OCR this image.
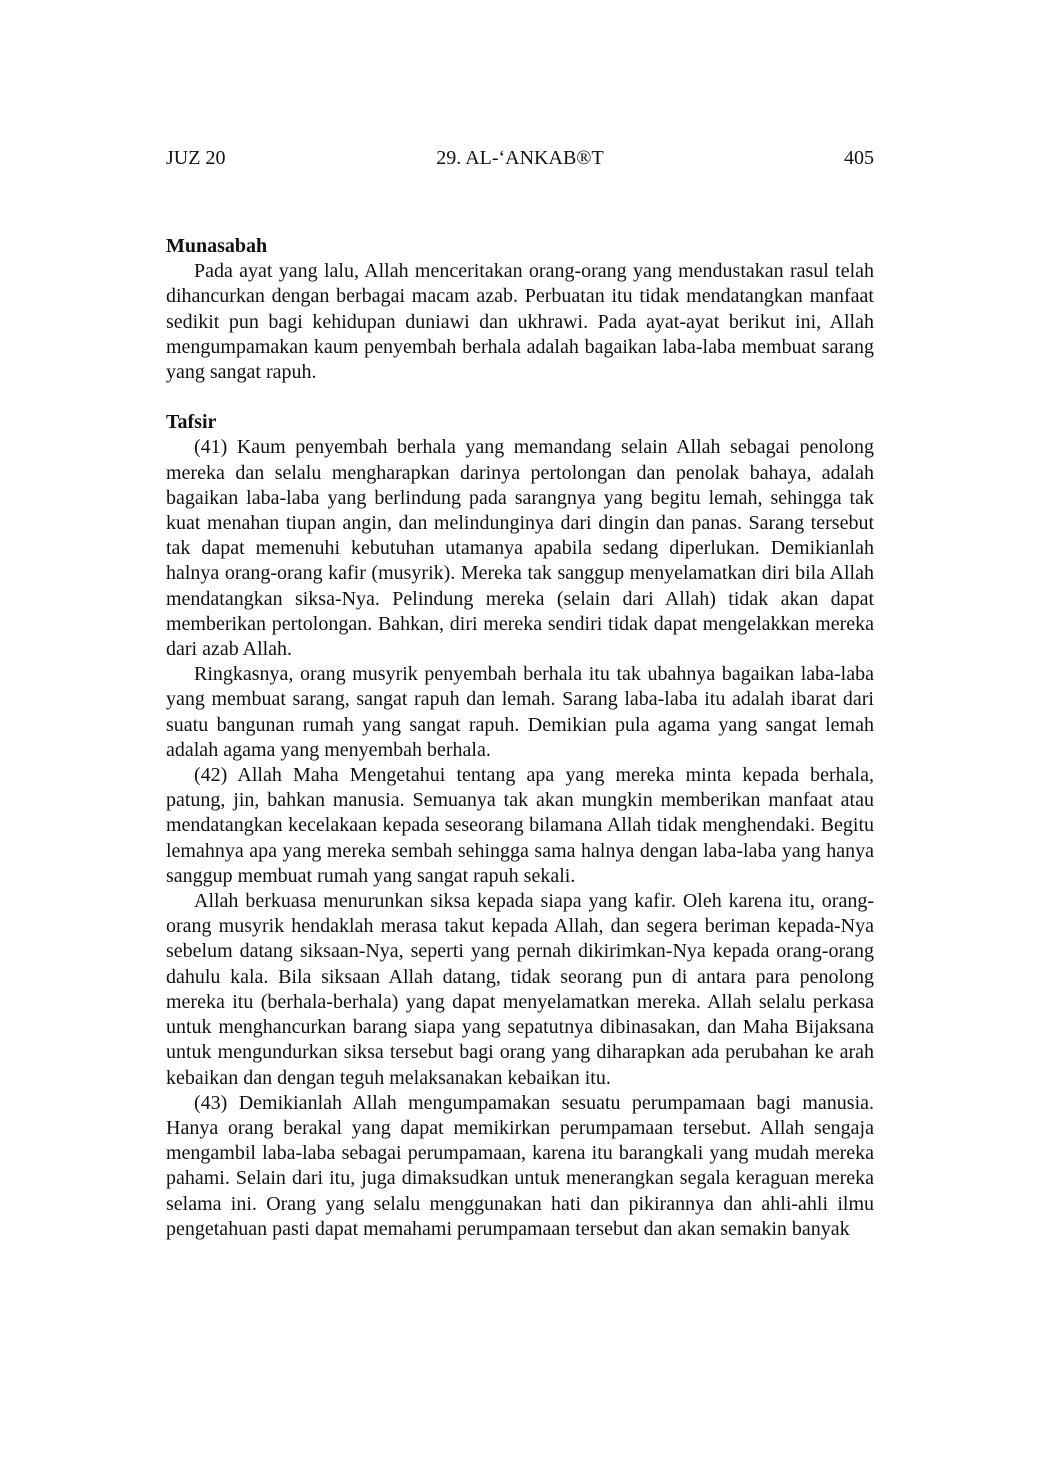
JUZ 20	29. AL-‘ANKAB®T	405
Munasabah

Pada ayat yang lalu, Allah menceritakan orang-orang yang mendustakan rasul telah dihancurkan dengan berbagai macam azab. Perbuatan itu tidak mendatangkan manfaat sedikit pun bagi kehidupan duniawi dan ukhrawi. Pada ayat-ayat berikut ini, Allah mengumpamakan kaum penyembah berhala adalah bagaikan laba-laba membuat sarang yang sangat rapuh.

Tafsir

(41) Kaum penyembah berhala yang memandang selain Allah sebagai penolong mereka dan selalu mengharapkan darinya pertolongan dan penolak bahaya, adalah bagaikan laba-laba yang berlindung pada sarangnya yang begitu lemah, sehingga tak kuat menahan tiupan angin, dan melindunginya dari dingin dan panas. Sarang tersebut tak dapat memenuhi kebutuhan utamanya apabila sedang diperlukan. Demikianlah halnya orang-orang kafir (musyrik). Mereka tak sanggup menyelamatkan diri bila Allah mendatangkan siksa-Nya. Pelindung mereka (selain dari Allah) tidak akan dapat memberikan pertolongan. Bahkan, diri mereka sendiri tidak dapat mengelakkan mereka dari azab Allah.

Ringkasnya, orang musyrik penyembah berhala itu tak ubahnya bagaikan laba-laba yang membuat sarang, sangat rapuh dan lemah. Sarang laba-laba itu adalah ibarat dari suatu bangunan rumah yang sangat rapuh. Demikian pula agama yang sangat lemah adalah agama yang menyembah berhala.

(42) Allah Maha Mengetahui tentang apa yang mereka minta kepada berhala, patung, jin, bahkan manusia. Semuanya tak akan mungkin memberikan manfaat atau mendatangkan kecelakaan kepada seseorang bilamana Allah tidak menghendaki. Begitu lemahnya apa yang mereka sembah sehingga sama halnya dengan laba-laba yang hanya sanggup membuat rumah yang sangat rapuh sekali.

Allah berkuasa menurunkan siksa kepada siapa yang kafir. Oleh karena itu, orang-orang musyrik hendaklah merasa takut kepada Allah, dan segera beriman kepada-Nya sebelum datang siksaan-Nya, seperti yang pernah dikirimkan-Nya kepada orang-orang dahulu kala. Bila siksaan Allah datang, tidak seorang pun di antara para penolong mereka itu (berhala-berhala) yang dapat menyelamatkan mereka. Allah selalu perkasa untuk menghancurkan barang siapa yang sepatutnya dibinasakan, dan Maha Bijaksana untuk mengundurkan siksa tersebut bagi orang yang diharapkan ada perubahan ke arah kebaikan dan dengan teguh melaksanakan kebaikan itu.

(43) Demikianlah Allah mengumpamakan sesuatu perumpamaan bagi manusia. Hanya orang berakal yang dapat memikirkan perumpamaan tersebut. Allah sengaja mengambil laba-laba sebagai perumpamaan, karena itu barangkali yang mudah mereka pahami. Selain dari itu, juga dimaksudkan untuk menerangkan segala keraguan mereka selama ini. Orang yang selalu menggunakan hati dan pikirannya dan ahli-ahli ilmu pengetahuan pasti dapat memahami perumpamaan tersebut dan akan semakin banyak
